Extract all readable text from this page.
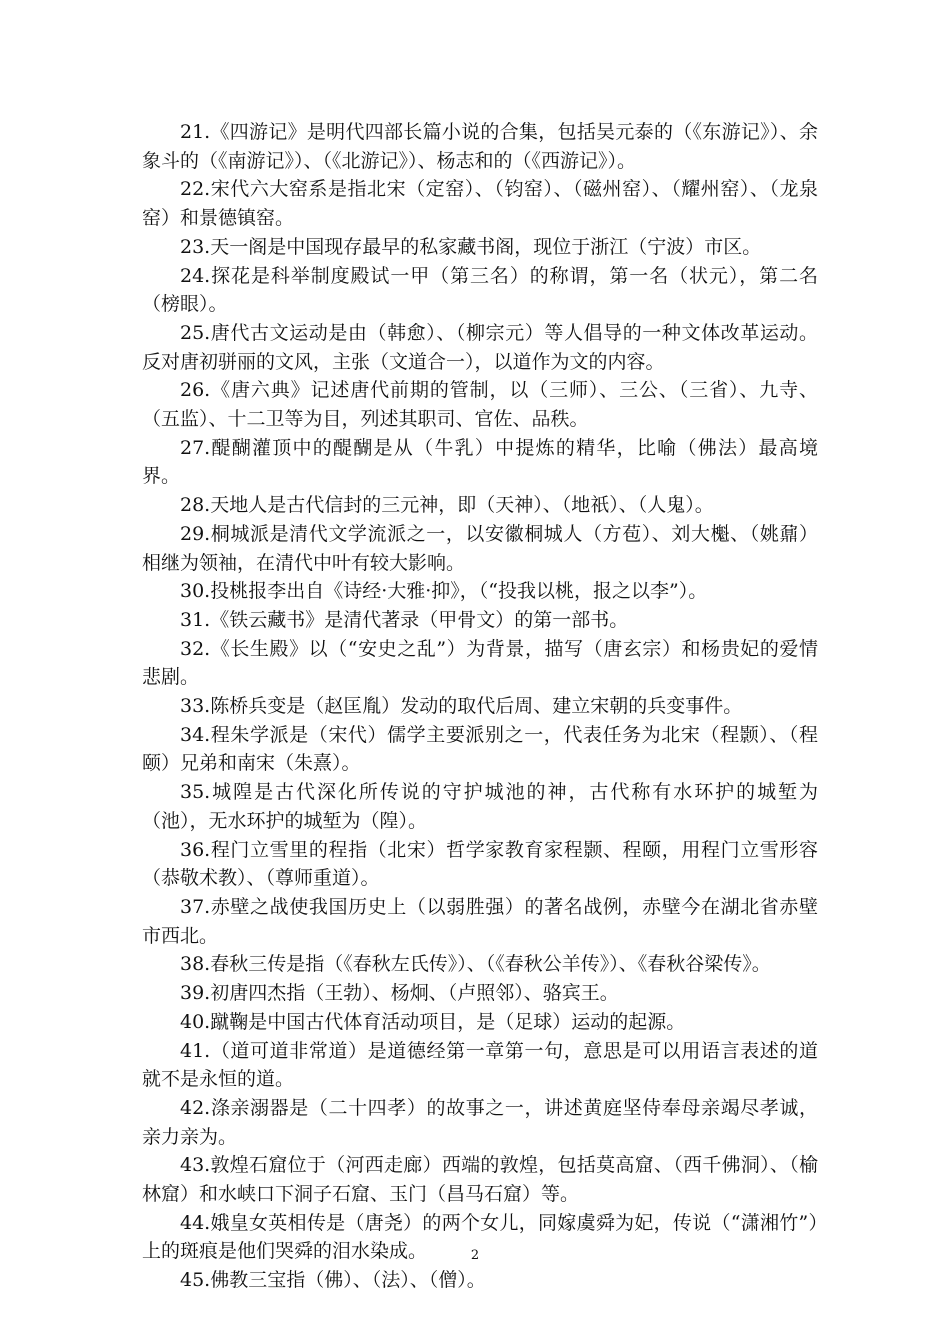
21.《四游记》是明代四部长篇小说的合集，包括吴元泰的（《东游记》）、余象斗的（《南游记》）、（《北游记》）、杨志和的（《西游记》）。

22.宋代六大窑系是指北宋（定窑）、（钧窑）、（磁州窑）、（耀州窑）、（龙泉窑）和景德镇窑。

23.天一阁是中国现存最早的私家藏书阁，现位于浙江（宁波）市区。

24.探花是科举制度殿试一甲（第三名）的称谓，第一名（状元），第二名（榜眼）。

25.唐代古文运动是由（韩愈）、（柳宗元）等人倡导的一种文体改革运动。反对唐初骈丽的文风，主张（文道合一），以道作为文的内容。

26.《唐六典》记述唐代前期的管制，以（三师）、三公、（三省）、九寺、（五监）、十二卫等为目，列述其职司、官佐、品秩。

27.醍醐灌顶中的醍醐是从（牛乳）中提炼的精华，比喻（佛法）最高境界。

28.天地人是古代信封的三元神，即（天神）、（地祇）、（人鬼）。

29.桐城派是清代文学流派之一，以安徽桐城人（方苞）、刘大櫆、（姚鼐）相继为领袖，在清代中叶有较大影响。

30.投桃报李出自《诗经·大雅·抑》，（“投我以桃，报之以李”）。

31.《铁云藏书》是清代著录（甲骨文）的第一部书。

32.《长生殿》以（“安史之乱”）为背景，描写（唐玄宗）和杨贵妃的爱情悲剧。

33.陈桥兵变是（赵匡胤）发动的取代后周、建立宋朝的兵变事件。

34.程朱学派是（宋代）儒学主要派别之一，代表任务为北宋（程颢）、（程颐）兄弟和南宋（朱熹）。

35.城隍是古代深化所传说的守护城池的神，古代称有水环护的城堑为（池），无水环护的城堑为（隍）。

36.程门立雪里的程指（北宋）哲学家教育家程颢、程颐，用程门立雪形容（恭敬术教）、（尊师重道）。

37.赤壁之战使我国历史上（以弱胜强）的著名战例，赤壁今在湖北省赤壁市西北。

38.春秋三传是指（《春秋左氏传》）、（《春秋公羊传》）、《春秋谷梁传》。

39.初唐四杰指（王勃）、杨炯、（卢照邻）、骆宾王。

40.蹴鞠是中国古代体育活动项目，是（足球）运动的起源。

41.（道可道非常道）是道德经第一章第一句，意思是可以用语言表述的道就不是永恒的道。

42.涤亲溺器是（二十四孝）的故事之一，讲述黄庭坚侍奉母亲竭尽孝诚，亲力亲为。

43.敦煌石窟位于（河西走廊）西端的敦煌，包括莫高窟、（西千佛洞）、（榆林窟）和水峡口下洞子石窟、玉门（昌马石窟）等。

44.娥皇女英相传是（唐尧）的两个女儿，同嫁虞舜为妃，传说（“潇湘竹”）上的斑痕是他们哭舜的泪水染成。

45.佛教三宝指（佛）、（法）、（僧）。

2
